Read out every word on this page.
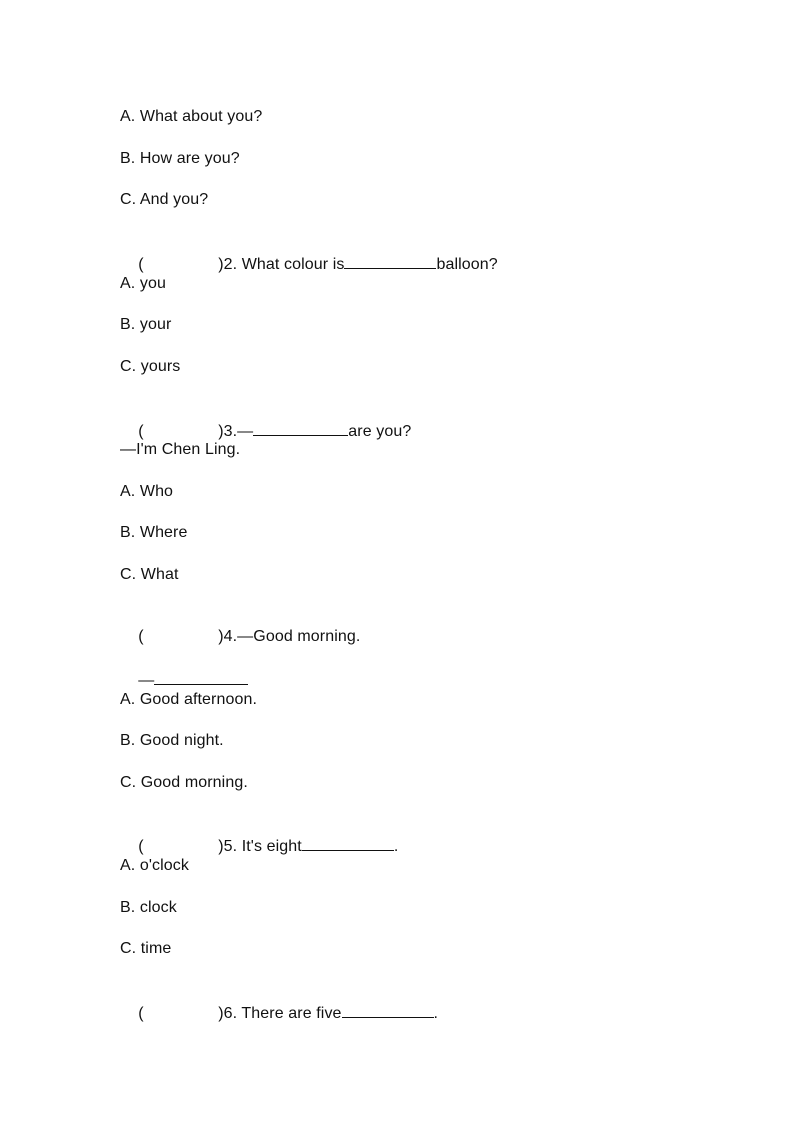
A. What about you?
B. How are you?
C. And you?

(	)2. What colour is	balloon?

A. you
B. your
C. yours

(	)3.—	are you?

—I'm Chen Ling.
A. Who
B. Where
C. What

(	)4.—Good morning.

—

A. Good afternoon.
B. Good night.
C. Good morning.

(	)5. It's eight	.

A. o'clock
B. clock
C. time

(	)6. There are five	.
